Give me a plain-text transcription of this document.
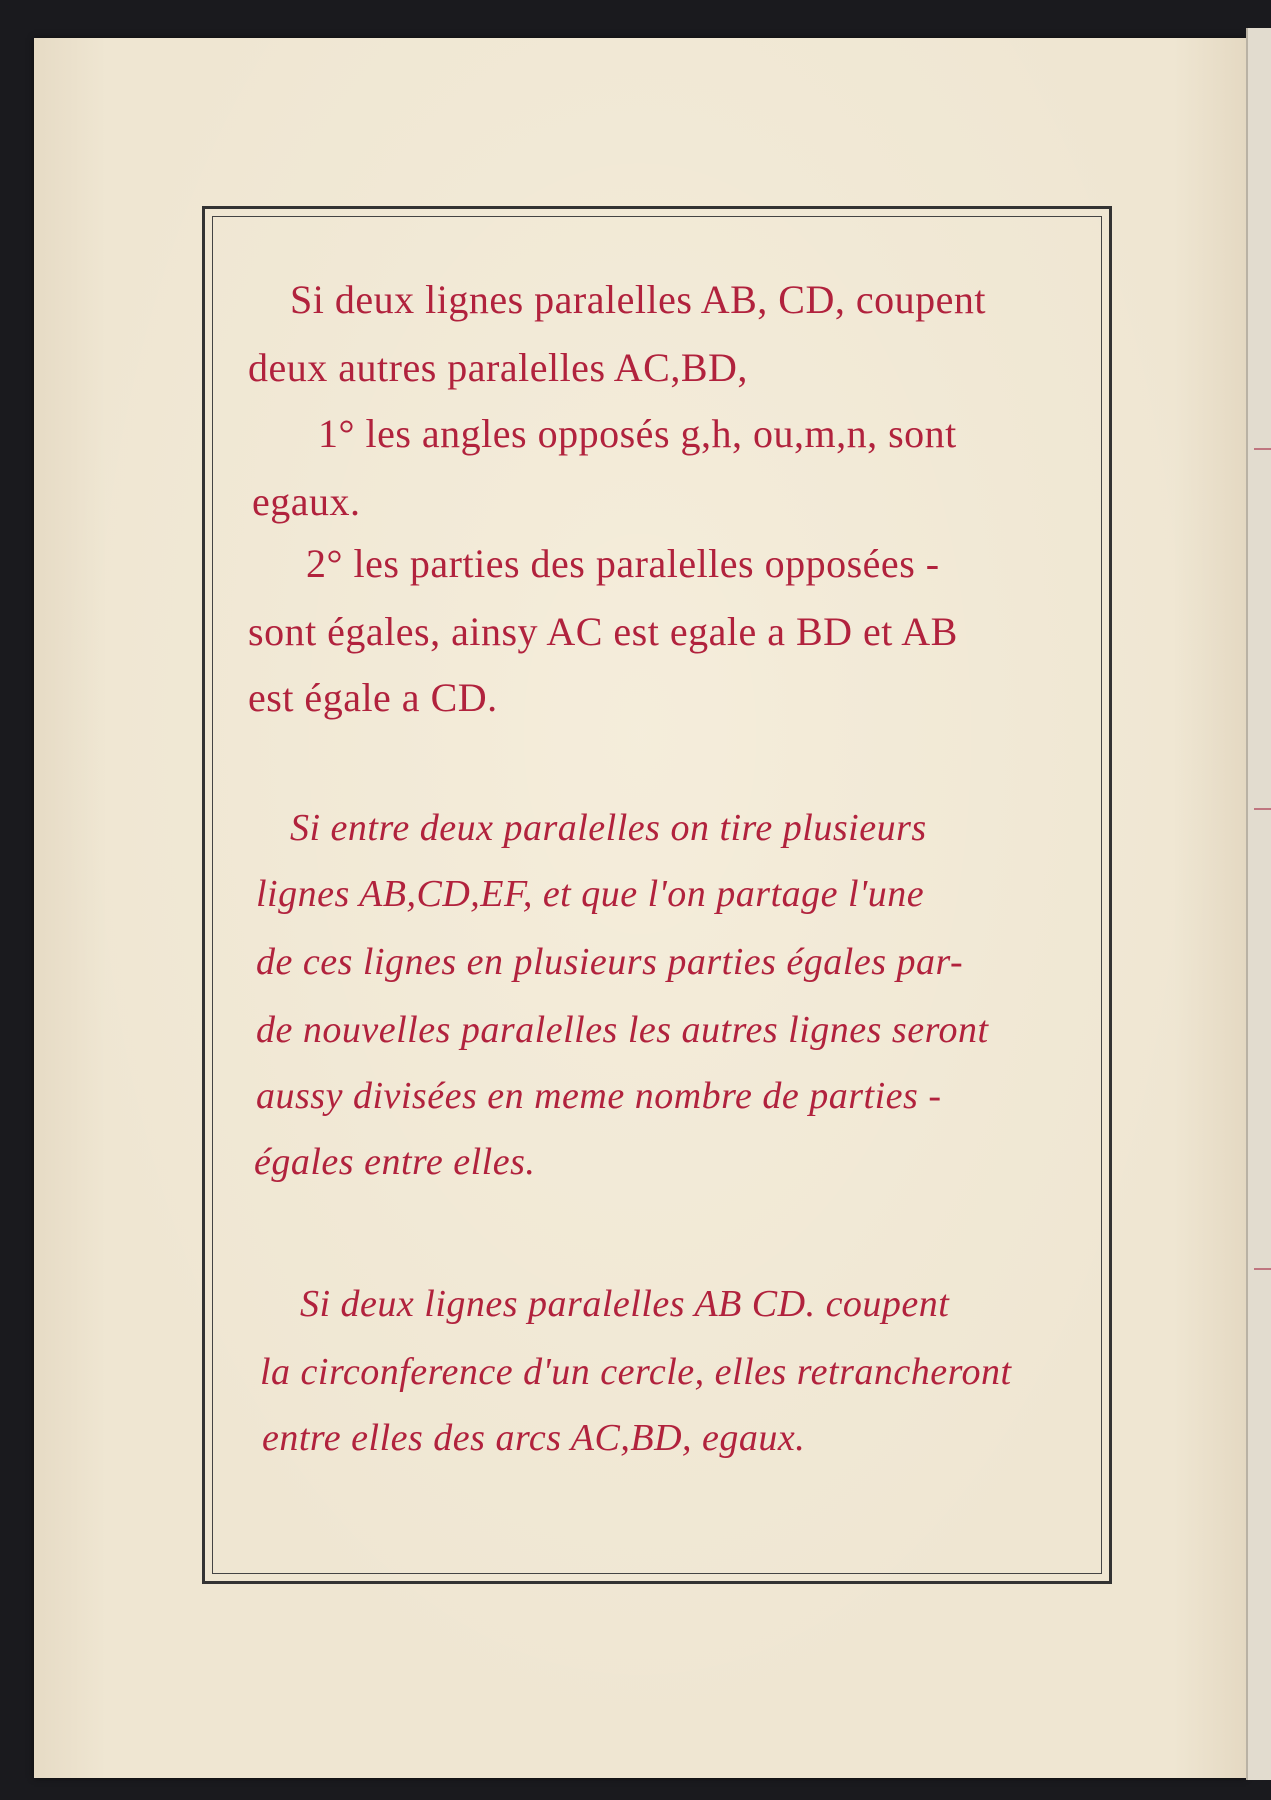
Si deux lignes paralelles AB, CD, coupent
deux autres paralelles AC,BD,
1° les angles opposés g,h, ou,m,n, sont
egaux.
2° les parties des paralelles opposées -
sont égales, ainsy AC est egale a BD et AB
est égale a CD.
Si entre deux paralelles on tire plusieurs
lignes AB,CD,EF, et que l'on partage l'une
de ces lignes en plusieurs parties égales par-
de nouvelles paralelles les autres lignes seront
aussy divisées en meme nombre de parties -
égales entre elles.
Si deux lignes paralelles AB CD. coupent
la circonference d'un cercle, elles retrancheront
entre elles des arcs AC,BD, egaux.
